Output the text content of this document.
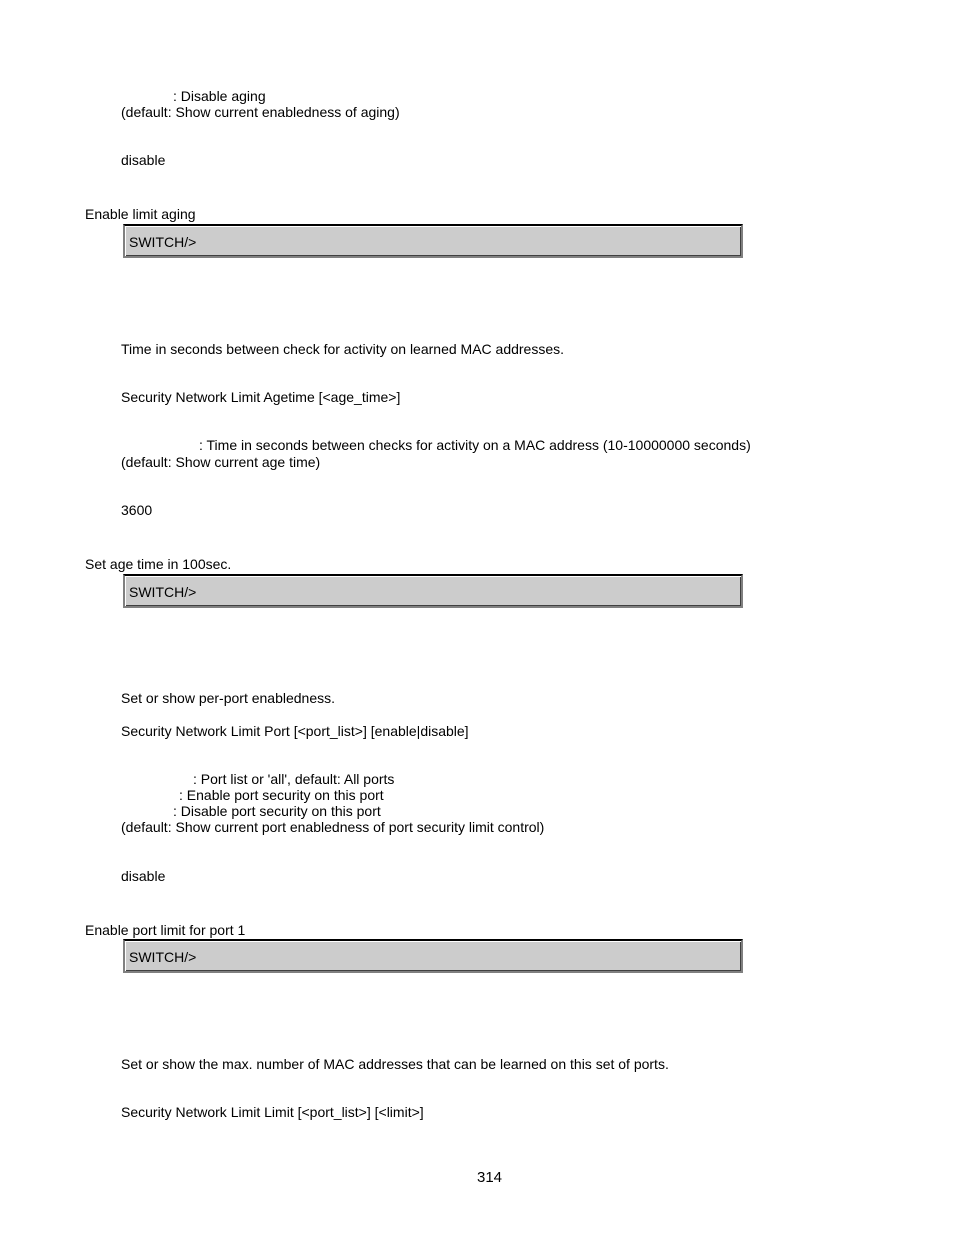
: Disable aging
(default: Show current enabledness of aging)
disable
Enable limit aging
SWITCH/>
Time in seconds between check for activity on learned MAC addresses.
Security Network Limit Agetime [<age_time>]
: Time in seconds between checks for activity on a MAC address (10-10000000 seconds)
(default: Show current age time)
3600
Set age time in 100sec.
SWITCH/>
Set or show per-port enabledness.
Security Network Limit Port [<port_list>] [enable|disable]
: Port list or 'all', default: All ports
: Enable port security on this port
: Disable port security on this port
(default: Show current port enabledness of port security limit control)
disable
Enable port limit for port 1
SWITCH/>
Set or show the max. number of MAC addresses that can be learned on this set of ports.
Security Network Limit Limit [<port_list>] [<limit>]
314
